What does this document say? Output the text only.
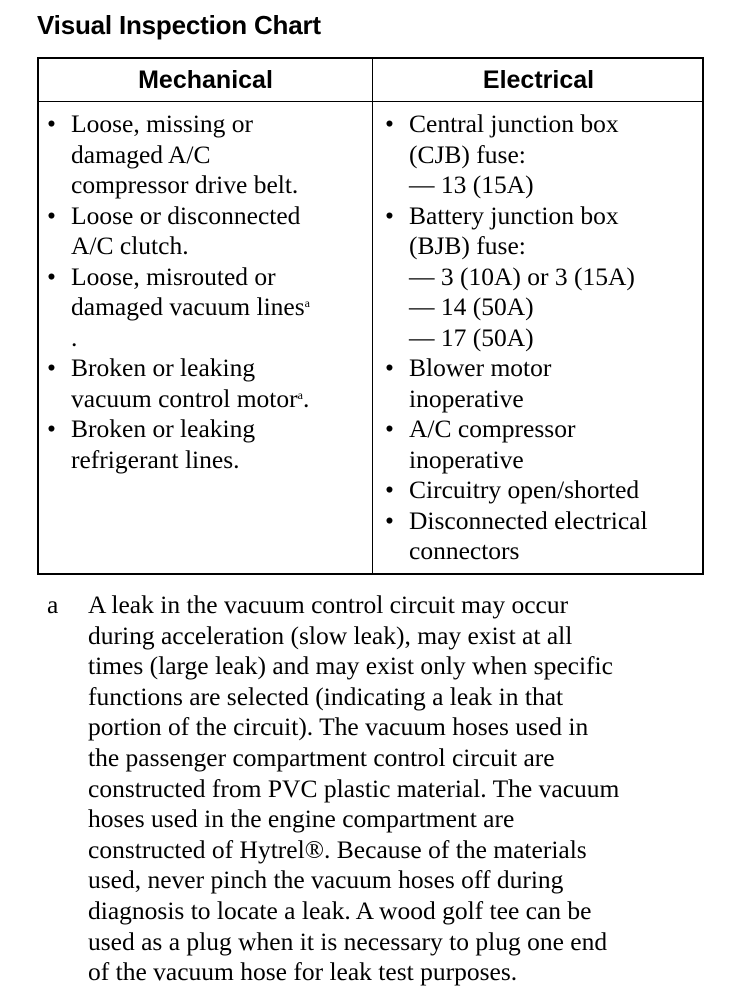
Visual Inspection Chart
Mechanical	Electrical
• Loose, missing or
damaged A/C
compressor drive belt.
• Loose or disconnected
A/C clutch.
• Loose, misrouted or
damaged vacuum lines$^a$
.
• Broken or leaking
vacuum control motor$^a$.
• Broken or leaking
refrigerant lines.
• Central junction box
(CJB) fuse:
— 13 (15A)
• Battery junction box
(BJB) fuse:
— 3 (10A) or 3 (15A)
— 14 (50A)
— 17 (50A)
• Blower motor
inoperative
• A/C compressor
inoperative
• Circuitry open/shorted
• Disconnected electrical
connectors
a A leak in the vacuum control circuit may occur
during acceleration (slow leak), may exist at all
times (large leak) and may exist only when specific
functions are selected (indicating a leak in that
portion of the circuit). The vacuum hoses used in
the passenger compartment control circuit are
constructed from PVC plastic material. The vacuum
hoses used in the engine compartment are
constructed of Hytrel®. Because of the materials
used, never pinch the vacuum hoses off during
diagnosis to locate a leak. A wood golf tee can be
used as a plug when it is necessary to plug one end
of the vacuum hose for leak test purposes.
